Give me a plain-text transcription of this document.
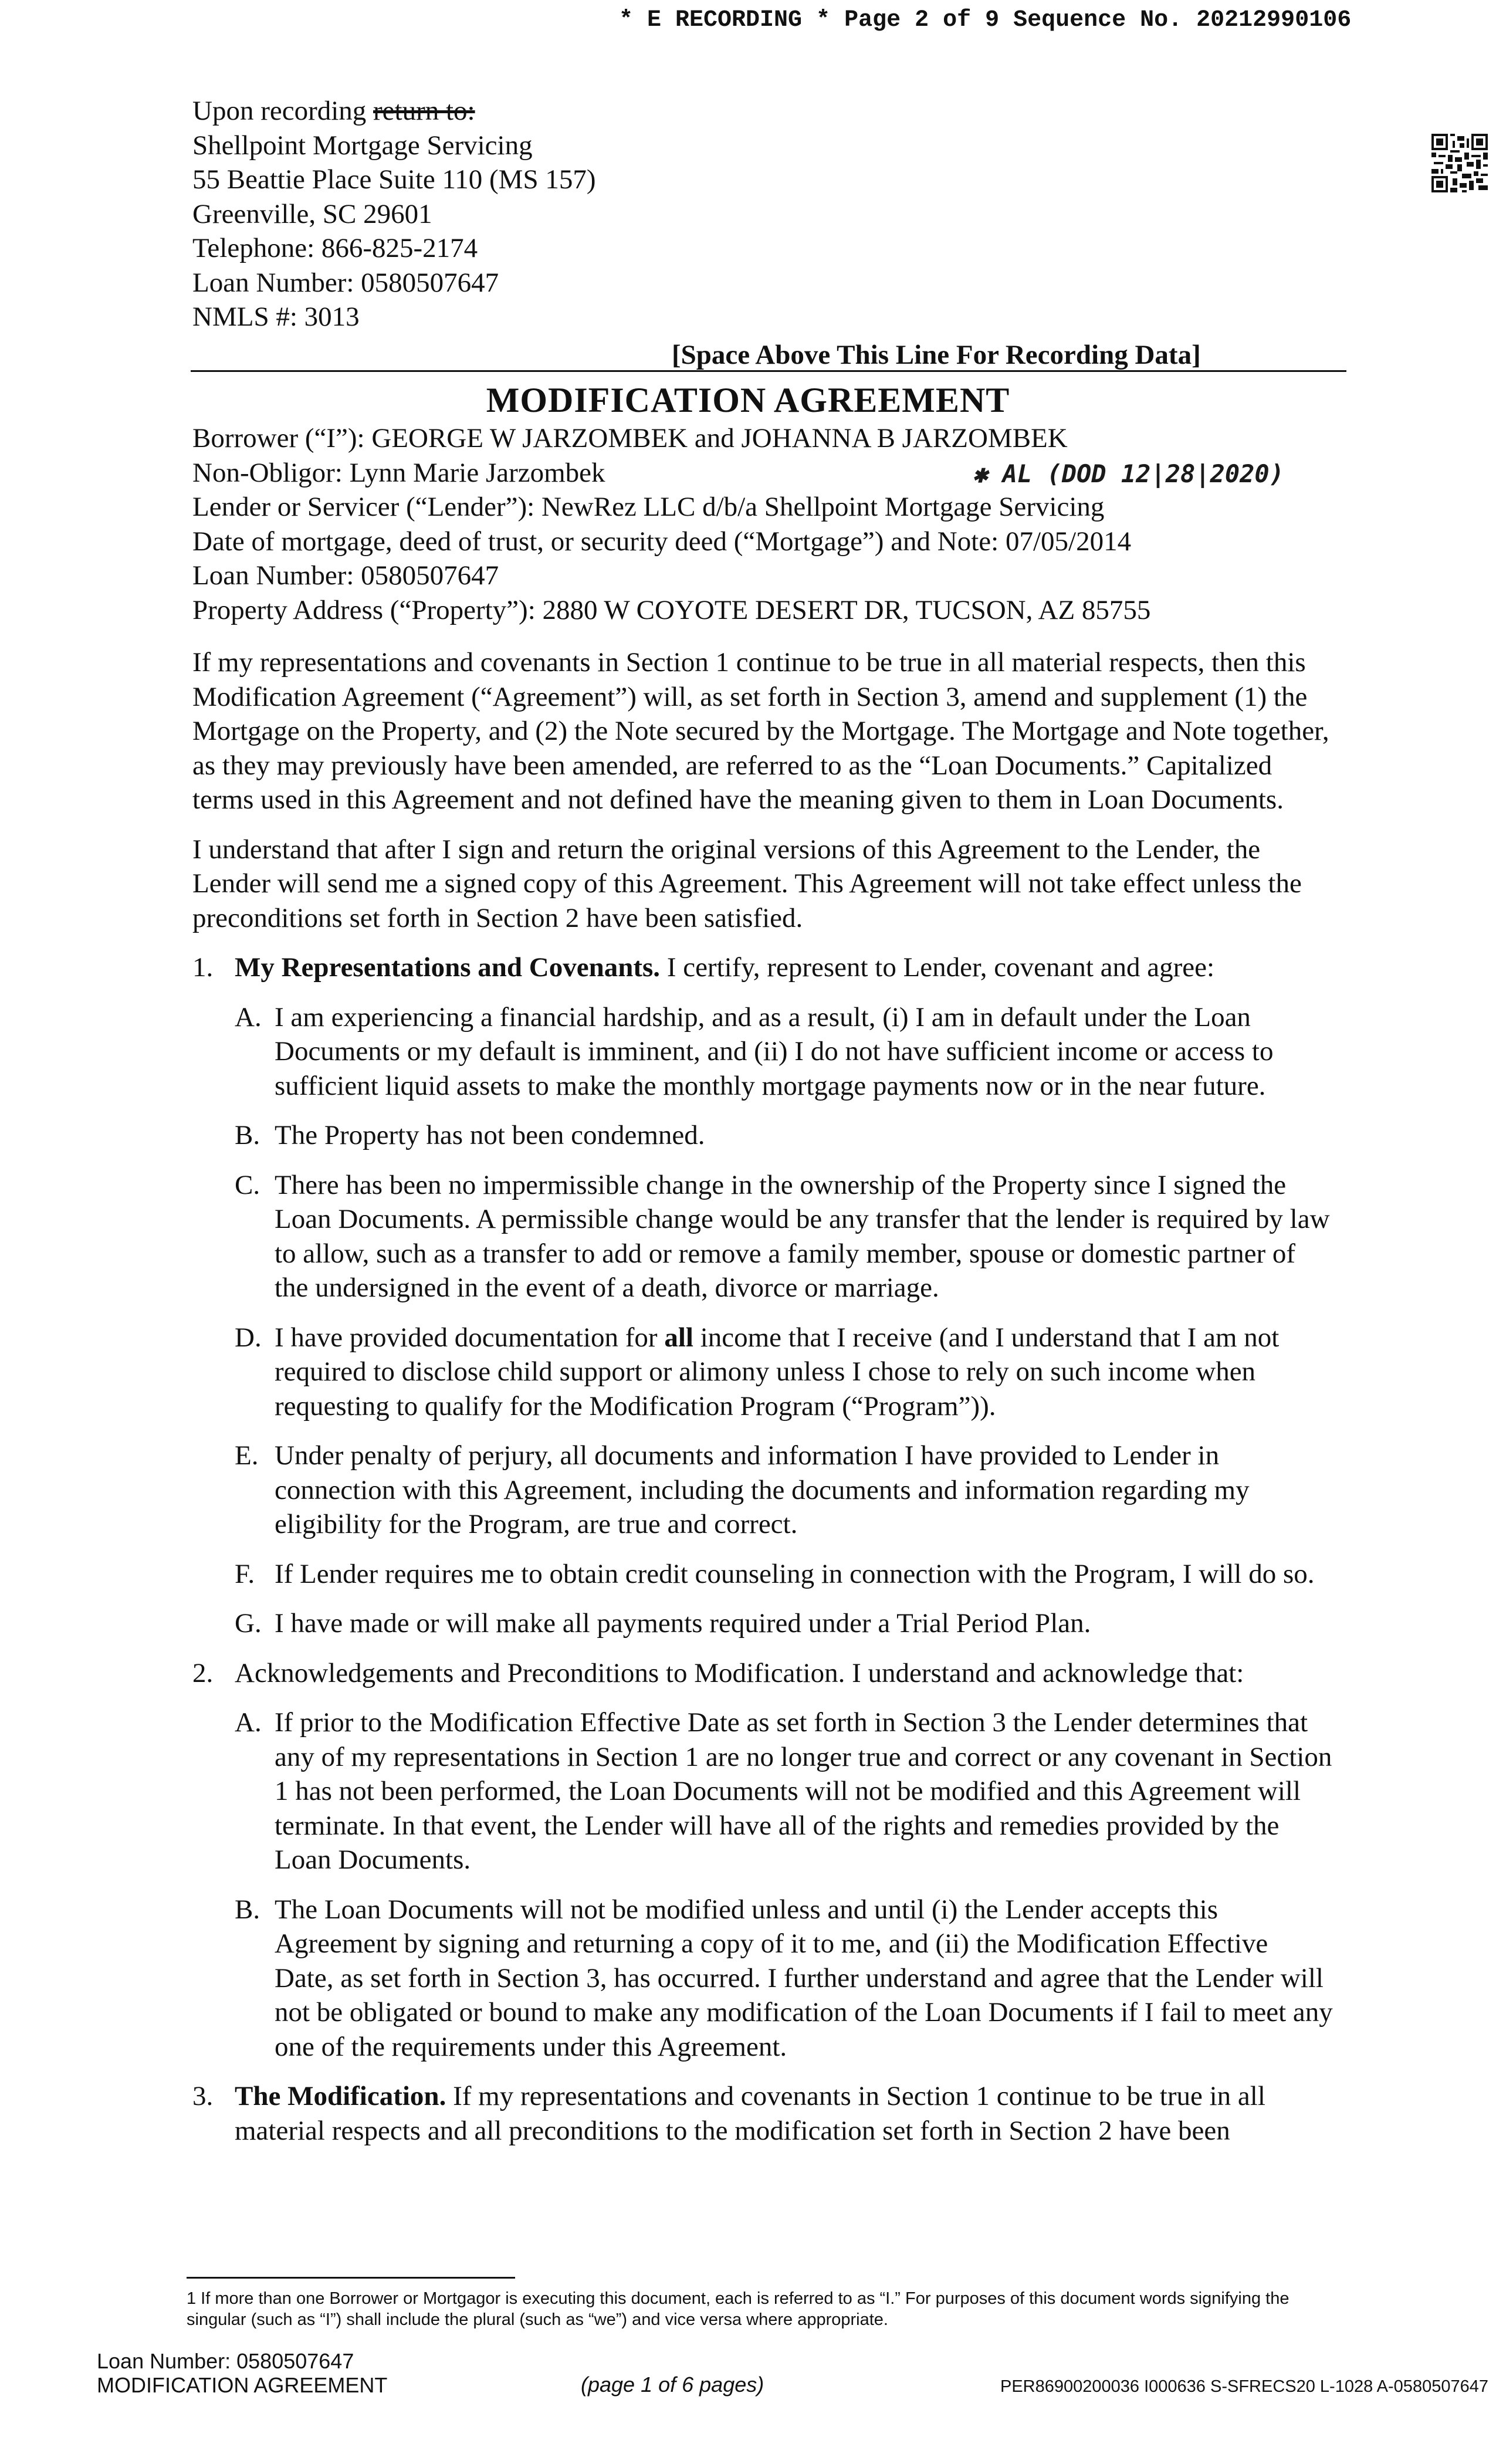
* E RECORDING * Page 2 of 9 Sequence No. 20212990106
Upon recording return to:
Shellpoint Mortgage Servicing
55 Beattie Place Suite 110 (MS 157)
Greenville, SC 29601
Telephone: 866-825-2174
Loan Number: 0580507647
NMLS #: 3013
[Space Above This Line For Recording Data]
MODIFICATION AGREEMENT
Borrower (“I”): GEORGE W JARZOMBEK and JOHANNA B JARZOMBEK
Non-Obligor: Lynn Marie Jarzombek	✱ AL (DOD 12|28|2020)
Lender or Servicer (“Lender”): NewRez LLC d/b/a Shellpoint Mortgage Servicing
Date of mortgage, deed of trust, or security deed (“Mortgage”) and Note: 07/05/2014
Loan Number: 0580507647
Property Address (“Property”): 2880 W COYOTE DESERT DR, TUCSON, AZ 85755

If my representations and covenants in Section 1 continue to be true in all material respects, then this Modification Agreement (“Agreement”) will, as set forth in Section 3, amend and supplement (1) the Mortgage on the Property, and (2) the Note secured by the Mortgage. The Mortgage and Note together, as they may previously have been amended, are referred to as the “Loan Documents.” Capitalized terms used in this Agreement and not defined have the meaning given to them in Loan Documents.

I understand that after I sign and return the original versions of this Agreement to the Lender, the Lender will send me a signed copy of this Agreement. This Agreement will not take effect unless the preconditions set forth in Section 2 have been satisfied.

1. My Representations and Covenants. I certify, represent to Lender, covenant and agree:
A. I am experiencing a financial hardship, and as a result, (i) I am in default under the Loan Documents or my default is imminent, and (ii) I do not have sufficient income or access to sufficient liquid assets to make the monthly mortgage payments now or in the near future.
B. The Property has not been condemned.
C. There has been no impermissible change in the ownership of the Property since I signed the Loan Documents. A permissible change would be any transfer that the lender is required by law to allow, such as a transfer to add or remove a family member, spouse or domestic partner of the undersigned in the event of a death, divorce or marriage.
D. I have provided documentation for all income that I receive (and I understand that I am not required to disclose child support or alimony unless I chose to rely on such income when requesting to qualify for the Modification Program (“Program”)).
E. Under penalty of perjury, all documents and information I have provided to Lender in connection with this Agreement, including the documents and information regarding my eligibility for the Program, are true and correct.
F. If Lender requires me to obtain credit counseling in connection with the Program, I will do so.
G. I have made or will make all payments required under a Trial Period Plan.
2. Acknowledgements and Preconditions to Modification. I understand and acknowledge that:
A. If prior to the Modification Effective Date as set forth in Section 3 the Lender determines that any of my representations in Section 1 are no longer true and correct or any covenant in Section 1 has not been performed, the Loan Documents will not be modified and this Agreement will terminate. In that event, the Lender will have all of the rights and remedies provided by the Loan Documents.
B. The Loan Documents will not be modified unless and until (i) the Lender accepts this Agreement by signing and returning a copy of it to me, and (ii) the Modification Effective Date, as set forth in Section 3, has occurred. I further understand and agree that the Lender will not be obligated or bound to make any modification of the Loan Documents if I fail to meet any one of the requirements under this Agreement.
3. The Modification. If my representations and covenants in Section 1 continue to be true in all material respects and all preconditions to the modification set forth in Section 2 have been
1 If more than one Borrower or Mortgagor is executing this document, each is referred to as “I.” For purposes of this document words signifying the singular (such as “I”) shall include the plural (such as “we”) and vice versa where appropriate.
Loan Number: 0580507647
MODIFICATION AGREEMENT	(page 1 of 6 pages)	PER86900200036 I000636 S-SFRECS20 L-1028 A-0580507647
